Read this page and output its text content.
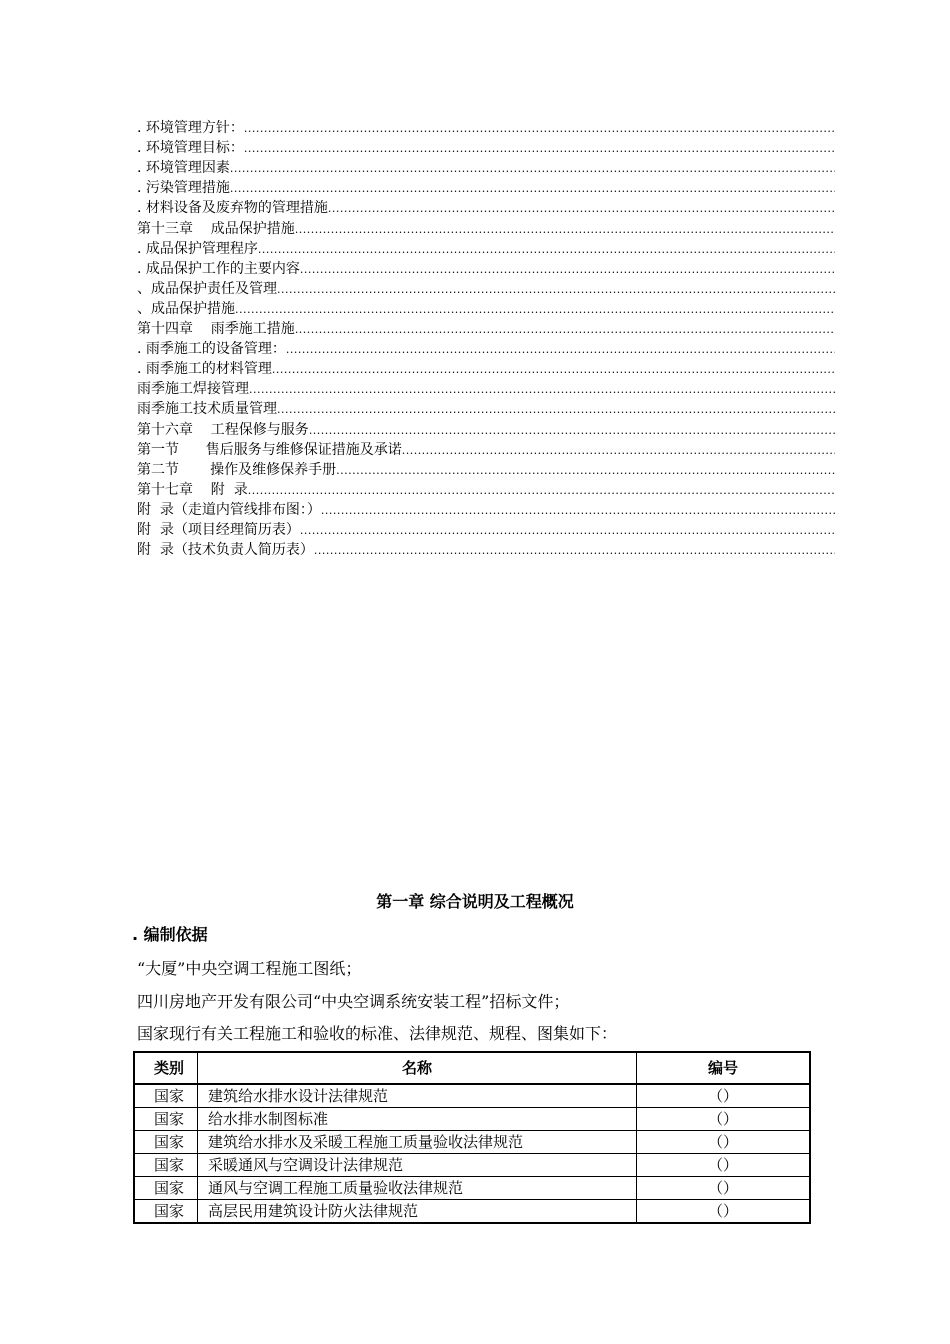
. 环境管理方针：
.....
. 环境管理目标：
.....
. 环境管理因素
.....
. 污染管理措施
.....
. 材料设备及废弃物的管理措施
.....
第十三章    成品保护措施
.....
. 成品保护管理程序
.....
. 成品保护工作的主要内容
.....
、成品保护责任及管理
.....
、成品保护措施
.....
第十四章    雨季施工措施
.....
. 雨季施工的设备管理：
.....
. 雨季施工的材料管理
.....
雨季施工焊接管理
.....
雨季施工技术质量管理
.....
第十六章    工程保修与服务
.....
第一节      售后服务与维修保证措施及承诺
.....
第二节       操作及维修保养手册
.....
第十七章    附  录
.....
附  录（走道内管线排布图：）
.....
附  录（项目经理简历表）
.....
附  录（技术负责人简历表）
.....
第一章 综合说明及工程概况
. 编制依据
“大厦”中央空调工程施工图纸；
四川房地产开发有限公司“中央空调系统安装工程”招标文件；
国家现行有关工程施工和验收的标准、法律规范、规程、图集如下：
类别	名称	编号
国家	建筑给水排水设计法律规范	（）
国家	给水排水制图标准	（）
国家	建筑给水排水及采暖工程施工质量验收法律规范	（）
国家	采暖通风与空调设计法律规范	（）
国家	通风与空调工程施工质量验收法律规范	（）
国家	高层民用建筑设计防火法律规范	（）
